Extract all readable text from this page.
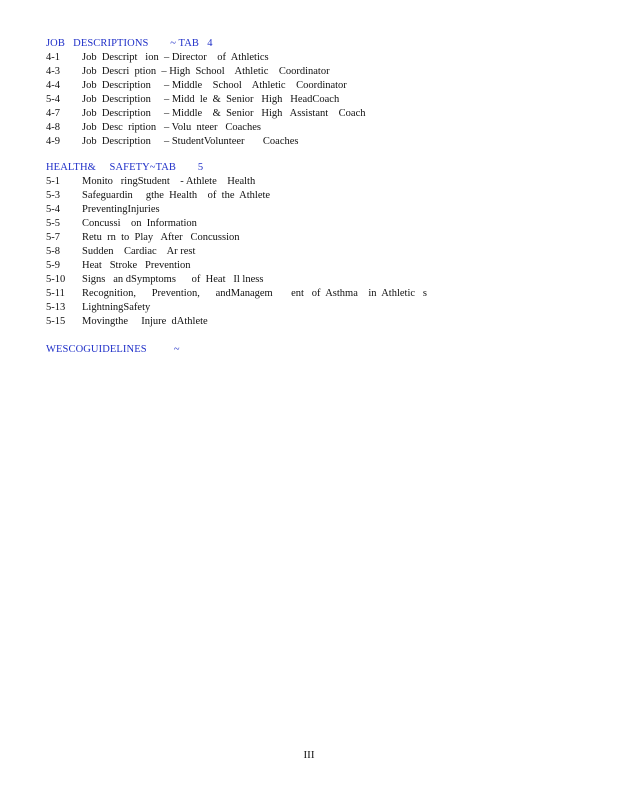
JOB   DESCRIPTIONS        ~ TAB   4
4-1	Job  Descript   ion  – Director    of  Athletics
4-3	Job  Descri  ption  – High  School    Athletic    Coordinator
4-4	Job  Description     – Middle    School    Athletic    Coordinator
5-4	Job  Description     – Midd  le  &  Senior   High   HeadCoach
4-7	Job  Description     – Middle    &  Senior   High   Assistant    Coach
4-8	Job  Desc  ription   – Volu  nteer   Coaches
4-9	Job  Description     – StudentVolunteer       Coaches
HEALTH&     SAFETY~TAB        5
5-1	Monito   ringStudent    - Athlete    Health
5-3	Safeguardin     gthe  Health    of  the  Athlete
5-4	PreventingInjuries
5-5	Concussi    on  Information
5-7	Retu  rn  to  Play   After   Concussion
5-8	Sudden    Cardiac    Ar rest
5-9	Heat   Stroke   Prevention
5-10	Signs   an dSymptoms      of  Heat   Il lness
5-11	Recognition,      Prevention,      andManagem       ent   of  Asthma    in  Athletic   s
5-13	LightningSafety
5-15	Movingthe     Injure  dAthlete
WESCOGUIDELINES          ~
III
